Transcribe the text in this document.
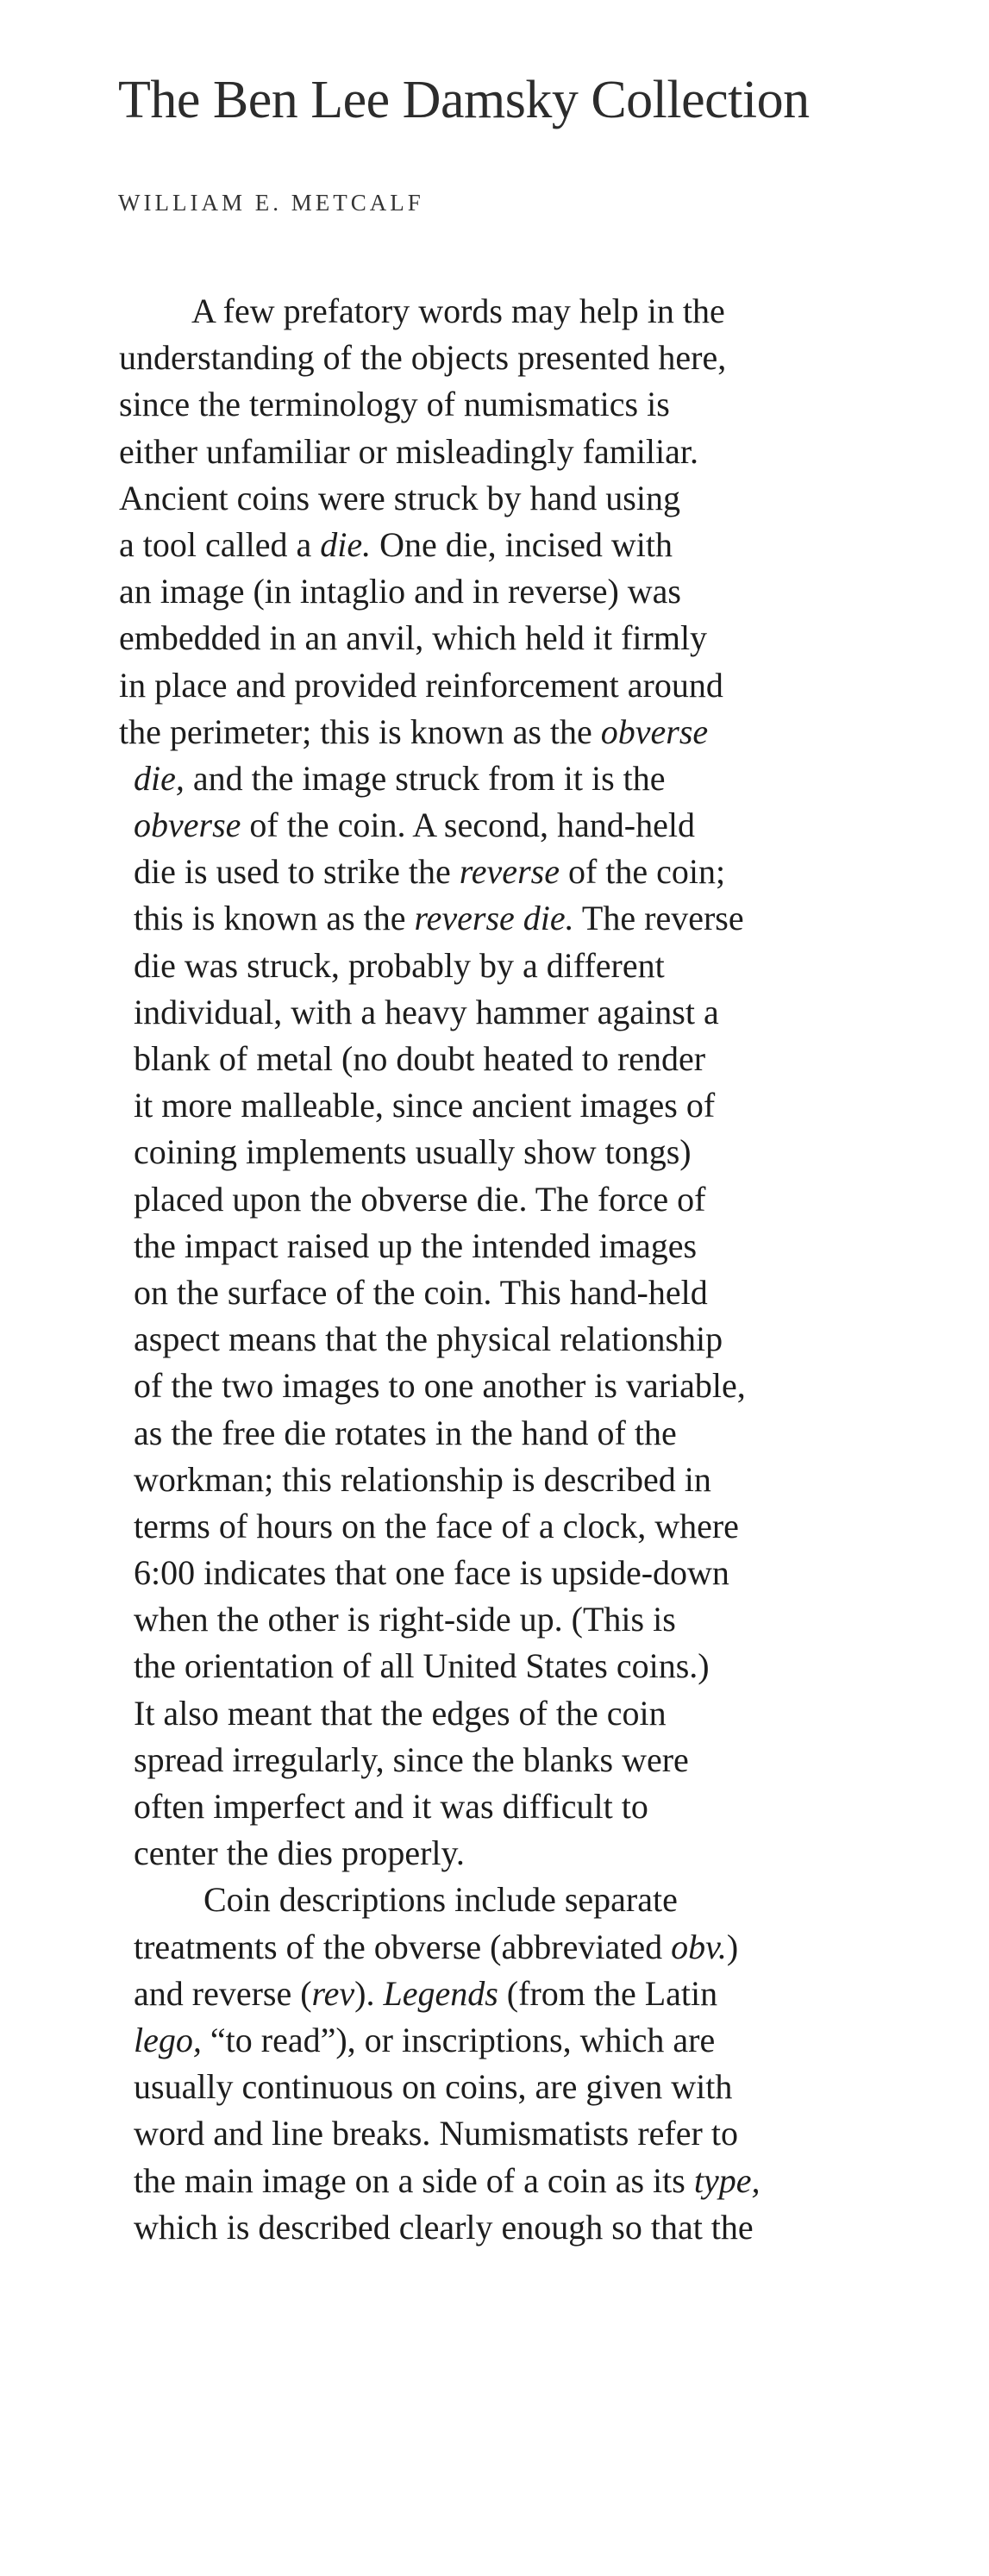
The Ben Lee Damsky Collection
WILLIAM E. METCALF
A few prefatory words may help in the
understanding of the objects presented here,
since the terminology of numismatics is
either unfamiliar or misleadingly familiar.
Ancient coins were struck by hand using
a tool called a die. One die, incised with
an image (in intaglio and in reverse) was
embedded in an anvil, which held it firmly
in place and provided reinforcement around
the perimeter; this is known as the obverse
die, and the image struck from it is the
obverse of the coin. A second, hand-held
die is used to strike the reverse of the coin;
this is known as the reverse die. The reverse
die was struck, probably by a different
individual, with a heavy hammer against a
blank of metal (no doubt heated to render
it more malleable, since ancient images of
coining implements usually show tongs)
placed upon the obverse die. The force of
the impact raised up the intended images
on the surface of the coin. This hand-held
aspect means that the physical relationship
of the two images to one another is variable,
as the free die rotates in the hand of the
workman; this relationship is described in
terms of hours on the face of a clock, where
6:00 indicates that one face is upside-down
when the other is right-side up. (This is
the orientation of all United States coins.)
It also meant that the edges of the coin
spread irregularly, since the blanks were
often imperfect and it was difficult to
center the dies properly.
Coin descriptions include separate
treatments of the obverse (abbreviated obv.)
and reverse (rev). Legends (from the Latin
lego, “to read”), or inscriptions, which are
usually continuous on coins, are given with
word and line breaks. Numismatists refer to
the main image on a side of a coin as its type,
which is described clearly enough so that the
